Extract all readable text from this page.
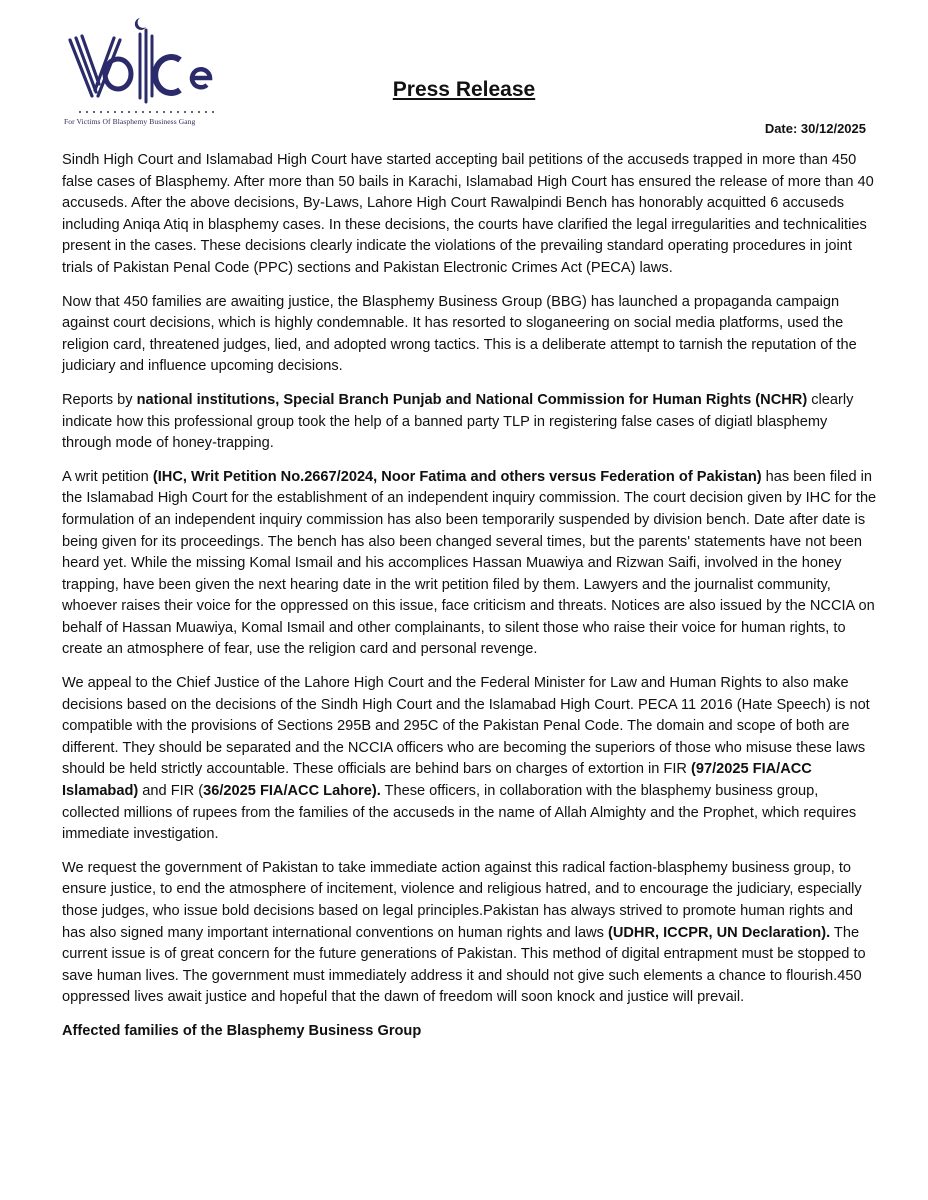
For Victims Of Blasphemy Business Gang
Press Release
Date: 30/12/2025

Sindh High Court and Islamabad High Court have started accepting bail petitions of the accuseds trapped in more than 450 false cases of Blasphemy. After more than 50 bails in Karachi, Islamabad High Court has ensured the release of more than 40 accuseds. After the above decisions, By-Laws, Lahore High Court Rawalpindi Bench has honorably acquitted 6 accuseds including Aniqa Atiq in blasphemy cases. In these decisions, the courts have clarified the legal irregularities and technicalities present in the cases. These decisions clearly indicate the violations of the prevailing standard operating procedures in joint trials of Pakistan Penal Code (PPC) sections and Pakistan Electronic Crimes Act (PECA) laws.

Now that 450 families are awaiting justice, the Blasphemy Business Group (BBG) has launched a propaganda campaign against court decisions, which is highly condemnable. It has resorted to sloganeering on social media platforms, used the religion card, threatened judges, lied, and adopted wrong tactics. This is a deliberate attempt to tarnish the reputation of the judiciary and influence upcoming decisions.

Reports by national institutions, Special Branch Punjab and National Commission for Human Rights (NCHR) clearly indicate how this professional group took the help of a banned party TLP in registering false cases of digiatl blasphemy through mode of honey-trapping.

A writ petition (IHC, Writ Petition No.2667/2024, Noor Fatima and others versus Federation of Pakistan) has been filed in the Islamabad High Court for the establishment of an independent inquiry commission. The court decision given by IHC for the formulation of an independent inquiry commission has also been temporarily suspended by division bench. Date after date is being given for its proceedings. The bench has also been changed several times, but the parents' statements have not been heard yet. While the missing Komal Ismail and his accomplices Hassan Muawiya and Rizwan Saifi, involved in the honey trapping, have been given the next hearing date in the writ petition filed by them. Lawyers and the journalist community, whoever raises their voice for the oppressed on this issue, face criticism and threats. Notices are also issued by the NCCIA on behalf of Hassan Muawiya, Komal Ismail and other complainants, to silent those who raise their voice for human rights, to create an atmosphere of fear, use the religion card and personal revenge.

We appeal to the Chief Justice of the Lahore High Court and the Federal Minister for Law and Human Rights to also make decisions based on the decisions of the Sindh High Court and the Islamabad High Court. PECA 11 2016 (Hate Speech) is not compatible with the provisions of Sections 295B and 295C of the Pakistan Penal Code. The domain and scope of both are different. They should be separated and the NCCIA officers who are becoming the superiors of those who misuse these laws should be held strictly accountable. These officials are behind bars on charges of extortion in FIR (97/2025 FIA/ACC Islamabad) and FIR (36/2025 FIA/ACC Lahore). These officers, in collaboration with the blasphemy business group, collected millions of rupees from the families of the accuseds in the name of Allah Almighty and the Prophet, which requires immediate investigation.

We request the government of Pakistan to take immediate action against this radical faction-blasphemy business group, to ensure justice, to end the atmosphere of incitement, violence and religious hatred, and to encourage the judiciary, especially those judges, who issue bold decisions based on legal principles.Pakistan has always strived to promote human rights and has also signed many important international conventions on human rights and laws (UDHR, ICCPR, UN Declaration). The current issue is of great concern for the future generations of Pakistan. This method of digital entrapment must be stopped to save human lives. The government must immediately address it and should not give such elements a chance to flourish.450 oppressed lives await justice and hopeful that the dawn of freedom will soon knock and justice will prevail.

Affected families of the Blasphemy Business Group
